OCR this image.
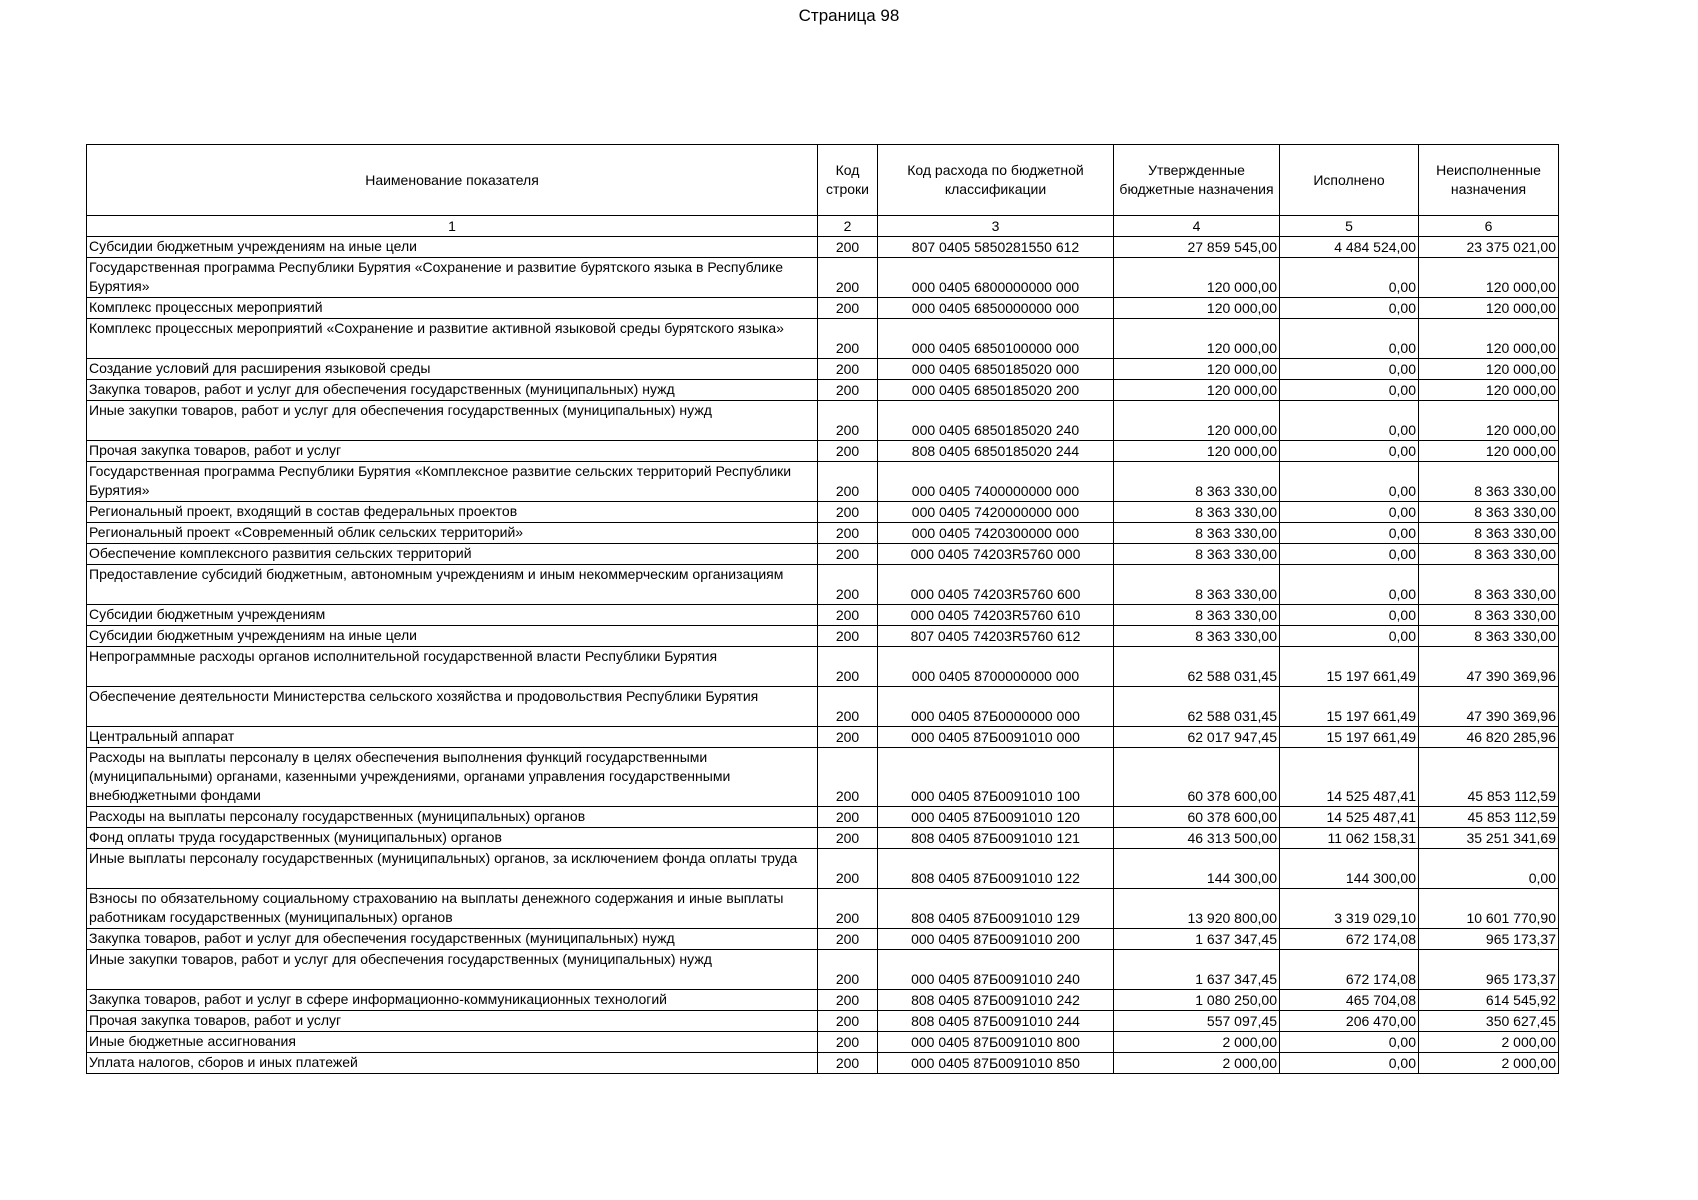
Страница 98
Наименование показателя	Код строки	Код расхода по бюджетной классификации	Утвержденные бюджетные назначения	Исполнено	Неисполненные назначения
1	2	3	4	5	6
Субсидии бюджетным учреждениям на иные цели	200	807 0405 5850281550 612	27 859 545,00	4 484 524,00	23 375 021,00
Государственная программа Республики Бурятия «Сохранение и развитие бурятского языка в Республике Бурятия»	200	000 0405 6800000000 000	120 000,00	0,00	120 000,00
Комплекс процессных мероприятий	200	000 0405 6850000000 000	120 000,00	0,00	120 000,00
Комплекс процессных мероприятий «Сохранение и развитие активной языковой среды бурятского языка»	200	000 0405 6850100000 000	120 000,00	0,00	120 000,00
Создание условий для расширения языковой среды	200	000 0405 6850185020 000	120 000,00	0,00	120 000,00
Закупка товаров, работ и услуг для обеспечения государственных (муниципальных) нужд	200	000 0405 6850185020 200	120 000,00	0,00	120 000,00
Иные закупки товаров, работ и услуг для обеспечения государственных (муниципальных) нужд	200	000 0405 6850185020 240	120 000,00	0,00	120 000,00
Прочая закупка товаров, работ и услуг	200	808 0405 6850185020 244	120 000,00	0,00	120 000,00
Государственная программа Республики Бурятия «Комплексное развитие сельских территорий Республики Бурятия»	200	000 0405 7400000000 000	8 363 330,00	0,00	8 363 330,00
Региональный проект, входящий в состав федеральных проектов	200	000 0405 7420000000 000	8 363 330,00	0,00	8 363 330,00
Региональный проект «Современный облик сельских территорий»	200	000 0405 7420300000 000	8 363 330,00	0,00	8 363 330,00
Обеспечение комплексного развития сельских территорий	200	000 0405 74203R5760 000	8 363 330,00	0,00	8 363 330,00
Предоставление субсидий бюджетным, автономным учреждениям и иным некоммерческим организациям	200	000 0405 74203R5760 600	8 363 330,00	0,00	8 363 330,00
Субсидии бюджетным учреждениям	200	000 0405 74203R5760 610	8 363 330,00	0,00	8 363 330,00
Субсидии бюджетным учреждениям на иные цели	200	807 0405 74203R5760 612	8 363 330,00	0,00	8 363 330,00
Непрограммные расходы органов исполнительной государственной власти Республики Бурятия	200	000 0405 8700000000 000	62 588 031,45	15 197 661,49	47 390 369,96
Обеспечение деятельности Министерства сельского хозяйства и продовольствия Республики Бурятия	200	000 0405 87Б0000000 000	62 588 031,45	15 197 661,49	47 390 369,96
Центральный аппарат	200	000 0405 87Б0091010 000	62 017 947,45	15 197 661,49	46 820 285,96
Расходы на выплаты персоналу в целях обеспечения выполнения функций государственными (муниципальными) органами, казенными учреждениями, органами управления государственными внебюджетными фондами	200	000 0405 87Б0091010 100	60 378 600,00	14 525 487,41	45 853 112,59
Расходы на выплаты персоналу государственных (муниципальных) органов	200	000 0405 87Б0091010 120	60 378 600,00	14 525 487,41	45 853 112,59
Фонд оплаты труда государственных (муниципальных) органов	200	808 0405 87Б0091010 121	46 313 500,00	11 062 158,31	35 251 341,69
Иные выплаты персоналу государственных (муниципальных) органов, за исключением фонда оплаты труда	200	808 0405 87Б0091010 122	144 300,00	144 300,00	0,00
Взносы по обязательному социальному страхованию на выплаты денежного содержания и иные выплаты работникам государственных (муниципальных) органов	200	808 0405 87Б0091010 129	13 920 800,00	3 319 029,10	10 601 770,90
Закупка товаров, работ и услуг для обеспечения государственных (муниципальных) нужд	200	000 0405 87Б0091010 200	1 637 347,45	672 174,08	965 173,37
Иные закупки товаров, работ и услуг для обеспечения государственных (муниципальных) нужд	200	000 0405 87Б0091010 240	1 637 347,45	672 174,08	965 173,37
Закупка товаров, работ и услуг в сфере информационно-коммуникационных технологий	200	808 0405 87Б0091010 242	1 080 250,00	465 704,08	614 545,92
Прочая закупка товаров, работ и услуг	200	808 0405 87Б0091010 244	557 097,45	206 470,00	350 627,45
Иные бюджетные ассигнования	200	000 0405 87Б0091010 800	2 000,00	0,00	2 000,00
Уплата налогов, сборов и иных платежей	200	000 0405 87Б0091010 850	2 000,00	0,00	2 000,00
